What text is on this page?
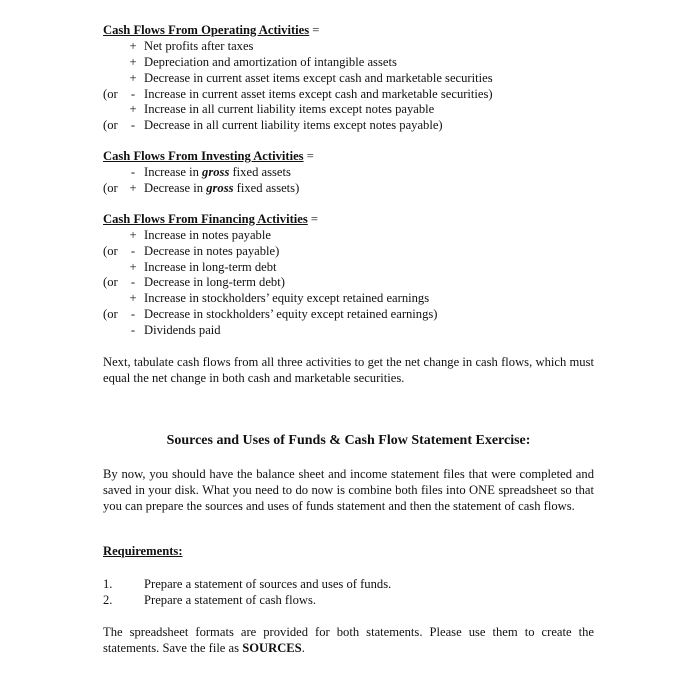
Cash Flows From Operating Activities =
+ Net profits after taxes
+ Depreciation and amortization of intangible assets
+ Decrease in current asset items except cash and marketable securities
(or	- Increase in current asset items except cash and marketable securities)
+ Increase in all current liability items except notes payable
(or	- Decrease in all current liability items except notes payable)
Cash Flows From Investing Activities =
- Increase in gross fixed assets
(or + Decrease in gross fixed assets)
Cash Flows From Financing Activities =
+ Increase in notes payable
(or	- Decrease in notes payable)
+ Increase in long-term debt
(or	- Decrease in long-term debt)
+ Increase in stockholders’ equity except retained earnings
(or	- Decrease in stockholders’ equity except retained earnings)
- Dividends paid
Next, tabulate cash flows from all three activities to get the net change in cash flows, which must equal the net change in both cash and marketable securities.
Sources and Uses of Funds & Cash Flow Statement Exercise:
By now, you should have the balance sheet and income statement files that were completed and saved in your disk. What you need to do now is combine both files into ONE spreadsheet so that you can prepare the sources and uses of funds statement and then the statement of cash flows.
Requirements:
1.	Prepare a statement of sources and uses of funds.
2.	Prepare a statement of cash flows.
The spreadsheet formats are provided for both statements. Please use them to create the statements. Save the file as SOURCES.
